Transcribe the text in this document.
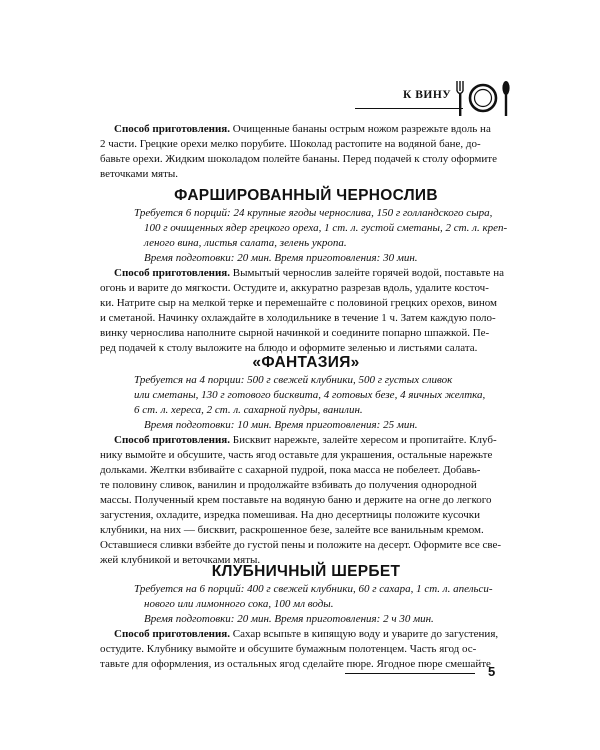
К ВИНУ

Способ приготовления. Очищенные бананы острым ножом разрежьте вдоль на

2 части. Грецкие орехи мелко порубите. Шоколад растопите на водяной бане, до-

бавьте орехи. Жидким шоколадом полейте бананы. Перед подачей к столу оформите

веточками мяты.

ФАРШИРОВАННЫЙ ЧЕРНОСЛИВ
Требуется 6 порций: 24 крупные ягоды чернослива, 150 г голландского сыра,
100 г очищенных ядер грецкого ореха, 1 ст. л. густой сметаны, 2 ст. л. креп-
леного вина, листья салата, зелень укропа.

Время подготовки: 20 мин. Время приготовления: 30 мин.

Способ приготовления. Вымытый чернослив залейте горячей водой, поставьте на

огонь и варите до мягкости. Остудите и, аккуратно разрезав вдоль, удалите косточ-

ки. Натрите сыр на мелкой терке и перемешайте с половиной грецких орехов, вином

и сметаной. Начинку охлаждайте в холодильнике в течение 1 ч. Затем каждую поло-

винку чернослива наполните сырной начинкой и соедините попарно шпажкой. Пе-

ред подачей к столу выложите на блюдо и оформите зеленью и листьями салата.

«ФАНТАЗИЯ»
Требуется на 4 порции: 500 г свежей клубники, 500 г густых сливок
или сметаны, 130 г готового бисквита, 4 готовых безе, 4 яичных желтка,
6 ст. л. хереса, 2 ст. л. сахарной пудры, ванилин.

Время подготовки: 10 мин. Время приготовления: 25 мин.

Способ приготовления. Бисквит нарежьте, залейте хересом и пропитайте. Клуб-

нику вымойте и обсушите, часть ягод оставьте для украшения, остальные нарежьте

дольками. Желтки взбивайте с сахарной пудрой, пока масса не побелеет. Добавь-

те половину сливок, ванилин и продолжайте взбивать до получения однородной

массы. Полученный крем поставьте на водяную баню и держите на огне до легкого

загустения, охладите, изредка помешивая. На дно десертницы положите кусочки

клубники, на них — бисквит, раскрошенное безе, залейте все ванильным кремом.

Оставшиеся сливки взбейте до густой пены и положите на десерт. Оформите все све-

жей клубникой и веточками мяты.

КЛУБНИЧНЫЙ ШЕРБЕТ
Требуется на 6 порций: 400 г свежей клубники, 60 г сахара, 1 ст. л. апельси-
нового или лимонного сока, 100 мл воды.

Время подготовки: 20 мин. Время приготовления: 2 ч 30 мин.

Способ приготовления. Сахар всыпьте в кипящую воду и уварите до загустения,

остудите. Клубнику вымойте и обсушите бумажным полотенцем. Часть ягод ос-

тавьте для оформления, из остальных ягод сделайте пюре. Ягодное пюре смешайте

5
